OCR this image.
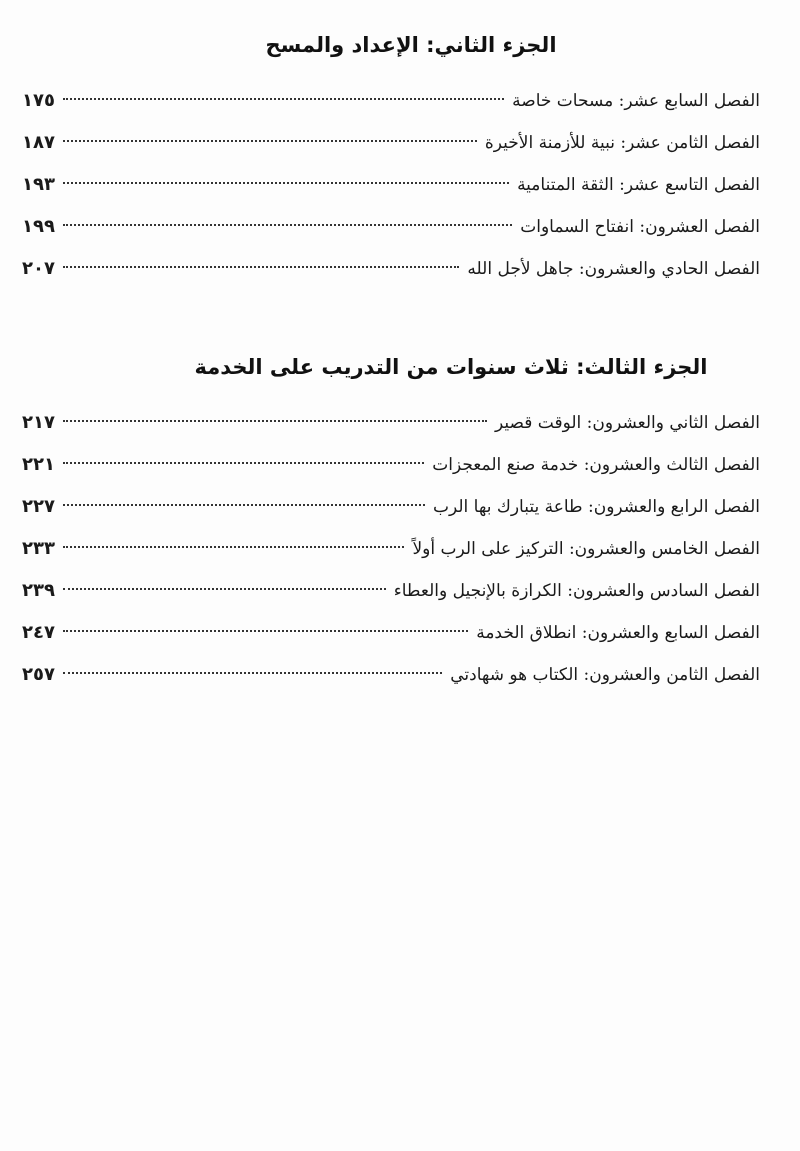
الجزء الثاني: الإعداد والمسح
الفصل السابع عشر: مسحات خاصة
١٧٥
الفصل الثامن عشر: نبية للأزمنة الأخيرة
١٨٧
الفصل التاسع عشر: الثقة المتنامية
١٩٣
الفصل العشرون: انفتاح السماوات
١٩٩
الفصل الحادي والعشرون: جاهل لأجل الله
٢٠٧
الجزء الثالث: ثلاث سنوات من التدريب على الخدمة
الفصل الثاني والعشرون: الوقت قصير
٢١٧
الفصل الثالث والعشرون: خدمة صنع المعجزات
٢٢١
الفصل الرابع والعشرون: طاعة يتبارك بها الرب
٢٢٧
الفصل الخامس والعشرون: التركيز على الرب أولاً
٢٣٣
الفصل السادس والعشرون: الكرازة بالإنجيل والعطاء
٢٣٩
الفصل السابع والعشرون: انطلاق الخدمة
٢٤٧
الفصل الثامن والعشرون: الكتاب هو شهادتي
٢٥٧
